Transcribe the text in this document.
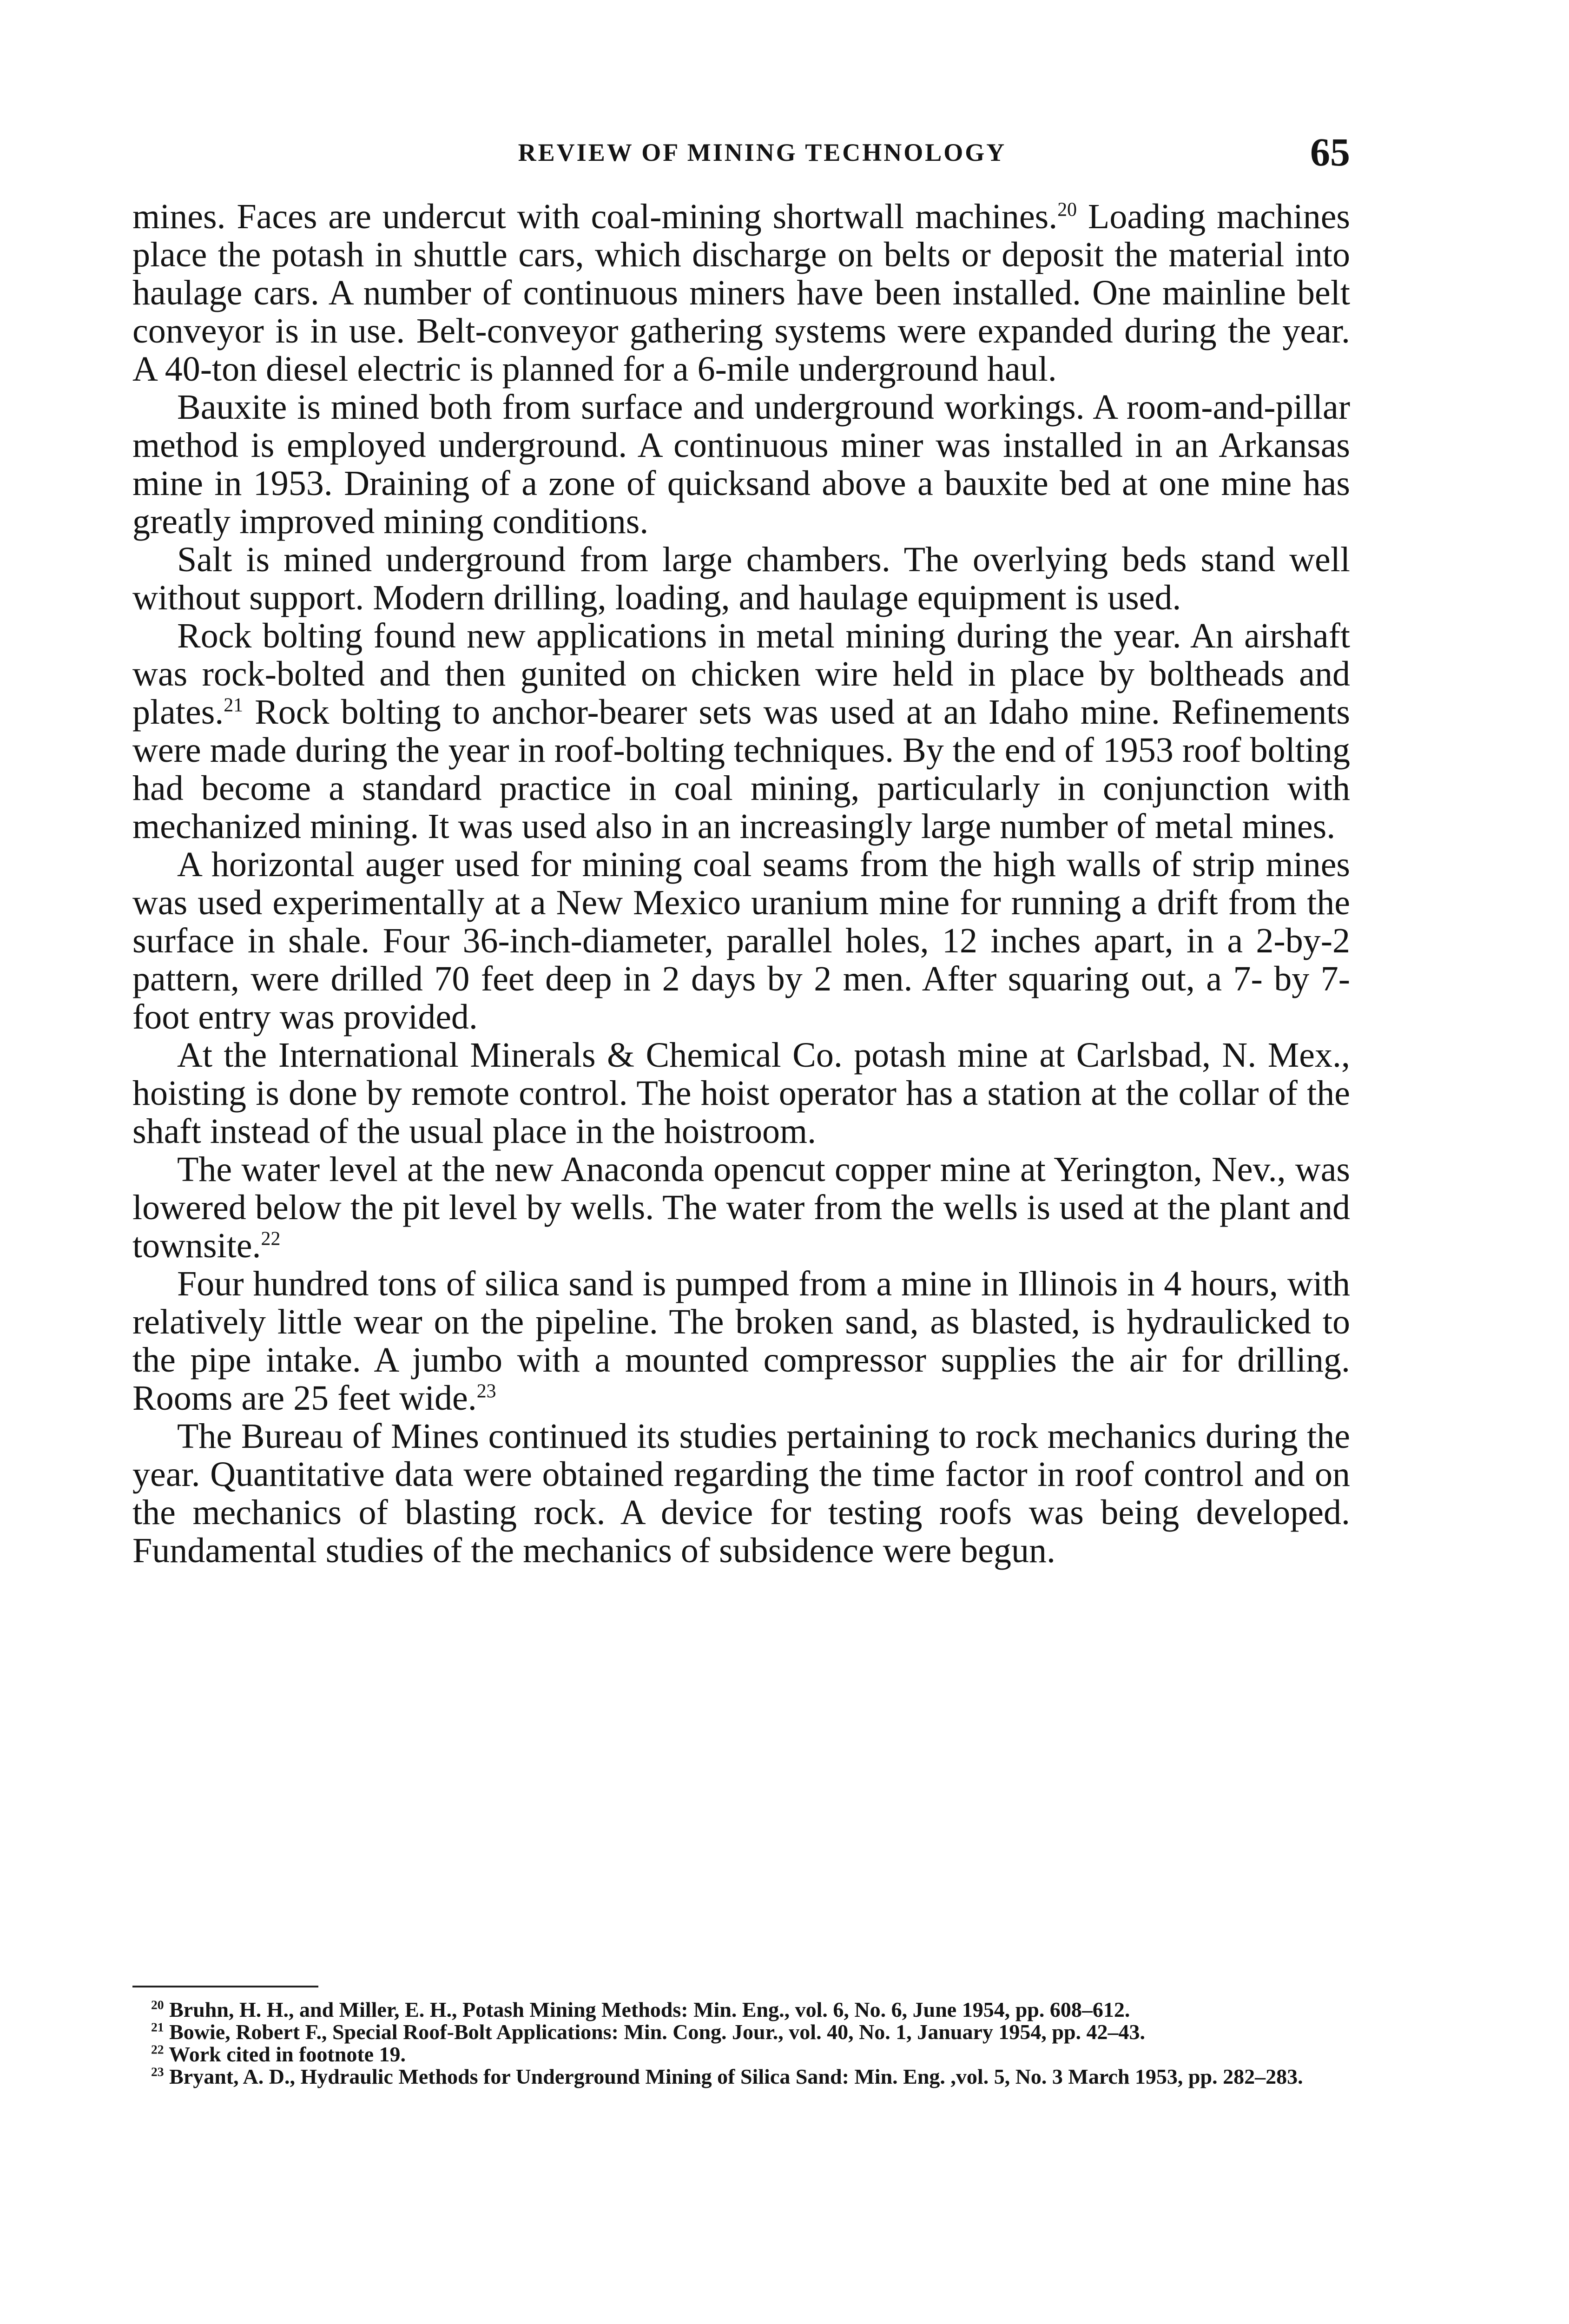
REVIEW OF MINING TECHNOLOGY	65

mines. Faces are undercut with coal-mining shortwall machines.$^{20}$ Loading machines place the potash in shuttle cars, which discharge on belts or deposit the material into haulage cars. A number of continuous miners have been installed. One mainline belt conveyor is in use. Belt-conveyor gathering systems were expanded during the year. A 40-ton diesel electric is planned for a 6-mile underground haul.

Bauxite is mined both from surface and underground workings. A room-and-pillar method is employed underground. A continuous miner was installed in an Arkansas mine in 1953. Draining of a zone of quicksand above a bauxite bed at one mine has greatly improved mining conditions.

Salt is mined underground from large chambers. The overlying beds stand well without support. Modern drilling, loading, and haulage equipment is used.

Rock bolting found new applications in metal mining during the year. An airshaft was rock-bolted and then gunited on chicken wire held in place by boltheads and plates.$^{21}$ Rock bolting to anchor-bearer sets was used at an Idaho mine. Refinements were made during the year in roof-bolting techniques. By the end of 1953 roof bolting had become a standard practice in coal mining, particularly in conjunction with mechanized mining. It was used also in an increasingly large number of metal mines.

A horizontal auger used for mining coal seams from the high walls of strip mines was used experimentally at a New Mexico uranium mine for running a drift from the surface in shale. Four 36-inch-diameter, parallel holes, 12 inches apart, in a 2-by-2 pattern, were drilled 70 feet deep in 2 days by 2 men. After squaring out, a 7- by 7-foot entry was provided.

At the International Minerals & Chemical Co. potash mine at Carlsbad, N. Mex., hoisting is done by remote control. The hoist operator has a station at the collar of the shaft instead of the usual place in the hoistroom.

The water level at the new Anaconda opencut copper mine at Yerington, Nev., was lowered below the pit level by wells. The water from the wells is used at the plant and townsite.$^{22}$

Four hundred tons of silica sand is pumped from a mine in Illinois in 4 hours, with relatively little wear on the pipeline. The broken sand, as blasted, is hydraulicked to the pipe intake. A jumbo with a mounted compressor supplies the air for drilling. Rooms are 25 feet wide.$^{23}$

The Bureau of Mines continued its studies pertaining to rock mechanics during the year. Quantitative data were obtained regarding the time factor in roof control and on the mechanics of blasting rock. A device for testing roofs was being developed. Fundamental studies of the mechanics of subsidence were begun.

$^{20}$ Bruhn, H. H., and Miller, E. H., Potash Mining Methods: Min. Eng., vol. 6, No. 6, June 1954, pp. 608–612.

$^{21}$ Bowie, Robert F., Special Roof-Bolt Applications: Min. Cong. Jour., vol. 40, No. 1, January 1954, pp. 42–43.

$^{22}$ Work cited in footnote 19.

$^{23}$ Bryant, A. D., Hydraulic Methods for Underground Mining of Silica Sand: Min. Eng. ,vol. 5, No. 3 March 1953, pp. 282–283.
